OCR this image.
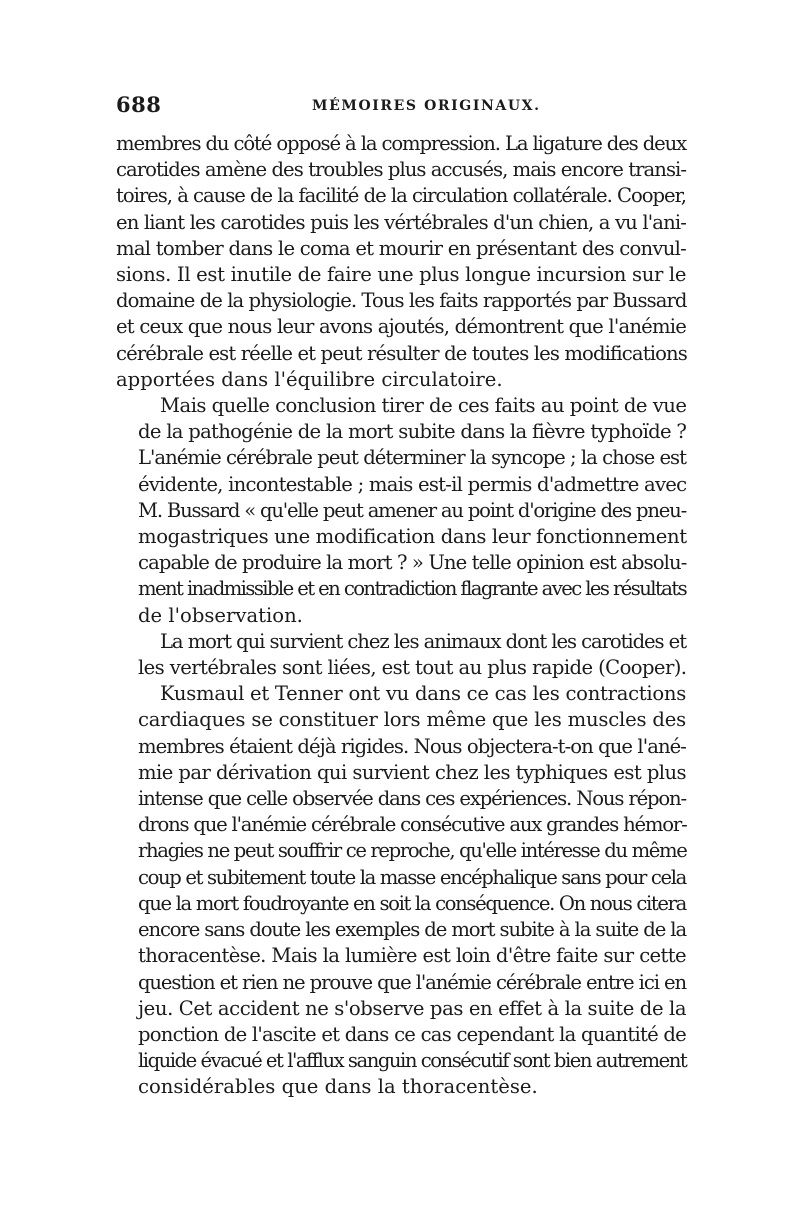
688	MÉMOIRES ORIGINAUX.
membres du côté opposé à la compression. La ligature des deux
carotides amène des troubles plus accusés, mais encore transi-
toires, à cause de la facilité de la circulation collatérale. Cooper,
en liant les carotides puis les vértébrales d'un chien, a vu l'ani-
mal tomber dans le coma et mourir en présentant des convul-
sions. Il est inutile de faire une plus longue incursion sur le
domaine de la physiologie. Tous les faits rapportés par Bussard
et ceux que nous leur avons ajoutés, démontrent que l'anémie
cérébrale est réelle et peut résulter de toutes les modifications
apportées dans l'équilibre circulatoire.
Mais quelle conclusion tirer de ces faits au point de vue
de la pathogénie de la mort subite dans la fièvre typhoïde ?
L'anémie cérébrale peut déterminer la syncope ; la chose est
évidente, incontestable ; mais est-il permis d'admettre avec
M. Bussard « qu'elle peut amener au point d'origine des pneu-
mogastriques une modification dans leur fonctionnement
capable de produire la mort ? » Une telle opinion est absolu-
ment inadmissible et en contradiction flagrante avec les résultats
de l'observation.
La mort qui survient chez les animaux dont les carotides et
les vertébrales sont liées, est tout au plus rapide (Cooper).
Kusmaul et Tenner ont vu dans ce cas les contractions
cardiaques se constituer lors même que les muscles des
membres étaient déjà rigides. Nous objectera-t-on que l'ané-
mie par dérivation qui survient chez les typhiques est plus
intense que celle observée dans ces expériences. Nous répon-
drons que l'anémie cérébrale consécutive aux grandes hémor-
rhagies ne peut souffrir ce reproche, qu'elle intéresse du même
coup et subitement toute la masse encéphalique sans pour cela
que la mort foudroyante en soit la conséquence. On nous citera
encore sans doute les exemples de mort subite à la suite de la
thoracentèse. Mais la lumière est loin d'être faite sur cette
question et rien ne prouve que l'anémie cérébrale entre ici en
jeu. Cet accident ne s'observe pas en effet à la suite de la
ponction de l'ascite et dans ce cas cependant la quantité de
liquide évacué et l'afflux sanguin consécutif sont bien autrement
considérables que dans la thoracentèse.
